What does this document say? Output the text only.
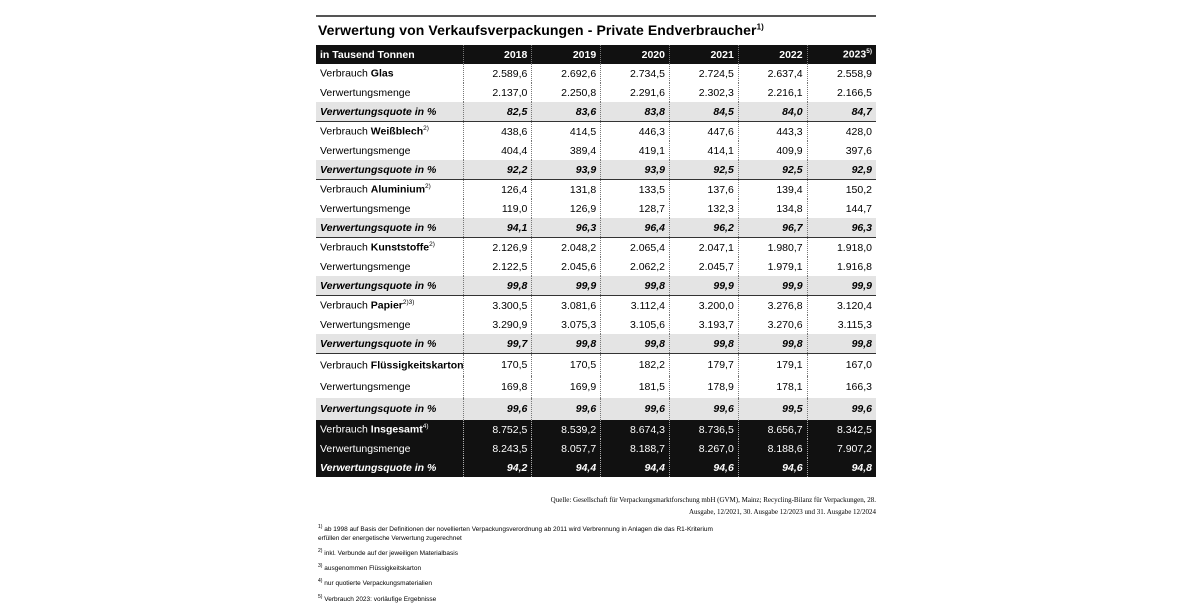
Verwertung von Verkaufsverpackungen - Private Endverbraucher$^{1)}$
in Tausend Tonnen	2018	2019	2020	2021	2022	2023$^{5)}$
Verbrauch Glas	2.589,6	2.692,6	2.734,5	2.724,5	2.637,4	2.558,9
Verwertungsmenge	2.137,0	2.250,8	2.291,6	2.302,3	2.216,1	2.166,5
Verwertungsquote in %	82,5	83,6	83,8	84,5	84,0	84,7
Verbrauch Weißblech$^{2)}$	438,6	414,5	446,3	447,6	443,3	428,0
Verwertungsmenge	404,4	389,4	419,1	414,1	409,9	397,6
Verwertungsquote in %	92,2	93,9	93,9	92,5	92,5	92,9
Verbrauch Aluminium$^{2)}$	126,4	131,8	133,5	137,6	139,4	150,2
Verwertungsmenge	119,0	126,9	128,7	132,3	134,8	144,7
Verwertungsquote in %	94,1	96,3	96,4	96,2	96,7	96,3
Verbrauch Kunststoffe$^{2)}$	2.126,9	2.048,2	2.065,4	2.047,1	1.980,7	1.918,0
Verwertungsmenge	2.122,5	2.045,6	2.062,2	2.045,7	1.979,1	1.916,8
Verwertungsquote in %	99,8	99,9	99,8	99,9	99,9	99,9
Verbrauch Papier$^{2)3)}$	3.300,5	3.081,6	3.112,4	3.200,0	3.276,8	3.120,4
Verwertungsmenge	3.290,9	3.075,3	3.105,6	3.193,7	3.270,6	3.115,3
Verwertungsquote in %	99,7	99,8	99,8	99,8	99,8	99,8
Verbrauch Flüssigkeitskarton	170,5	170,5	182,2	179,7	179,1	167,0
Verwertungsmenge	169,8	169,9	181,5	178,9	178,1	166,3
Verwertungsquote in %	99,6	99,6	99,6	99,6	99,5	99,6
Verbrauch Insgesamt$^{4)}$	8.752,5	8.539,2	8.674,3	8.736,5	8.656,7	8.342,5
Verwertungsmenge	8.243,5	8.057,7	8.188,7	8.267,0	8.188,6	7.907,2
Verwertungsquote in %	94,2	94,4	94,4	94,6	94,6	94,8
Quelle: Gesellschaft für Verpackungsmarktforschung mbH (GVM), Mainz; Recycling-Bilanz für Verpackungen, 28.
Ausgabe, 12/2021, 30. Ausgabe 12/2023 und 31. Ausgabe 12/2024
$^{1)}$ ab 1998 auf Basis der Definitionen der novellierten Verpackungsverordnung ab 2011 wird Verbrennung in Anlagen die das R1-Kriterium
erfüllen der energetische Verwertung zugerechnet
$^{2)}$ inkl. Verbunde auf der jeweiligen Materialbasis
$^{3)}$ ausgenommen Flüssigkeitskarton
$^{4)}$ nur quotierte Verpackungsmaterialien
$^{5)}$ Verbrauch 2023: vorläufige Ergebnisse
